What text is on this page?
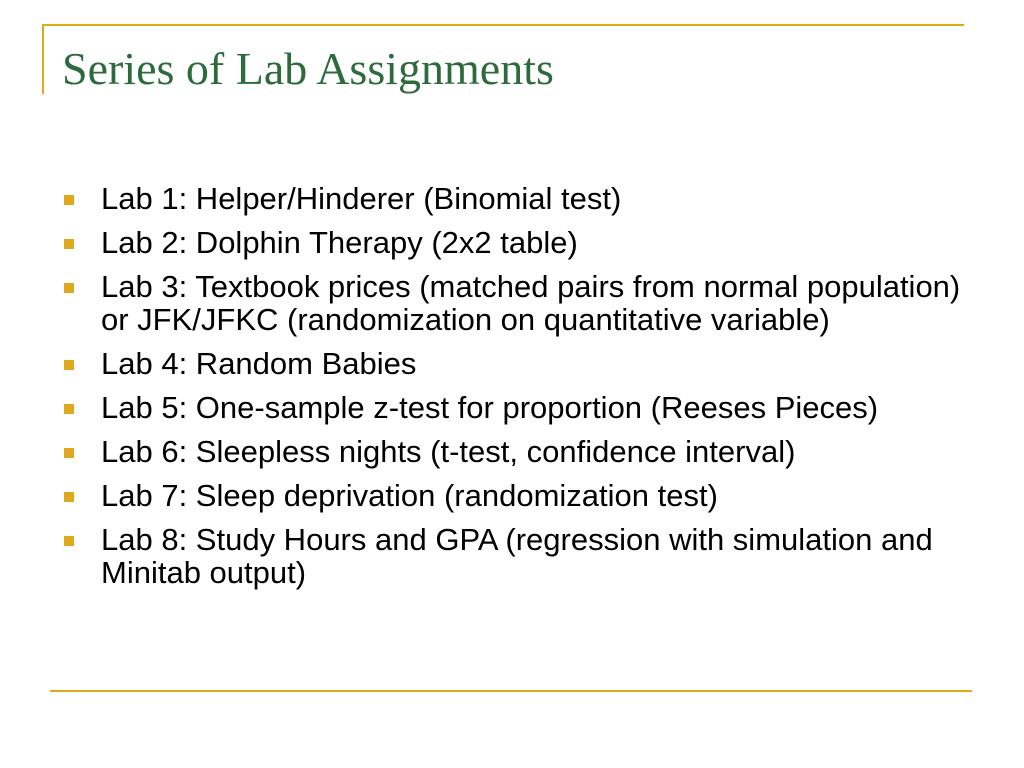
Series of Lab Assignments
Lab 1: Helper/Hinderer (Binomial test)
Lab 2: Dolphin Therapy (2x2 table)
Lab 3: Textbook prices (matched pairs from normal population) or JFK/JFKC (randomization on quantitative variable)
Lab 4: Random Babies
Lab 5: One-sample z-test for proportion (Reeses Pieces)
Lab 6: Sleepless nights (t-test, confidence interval)
Lab 7: Sleep deprivation (randomization test)
Lab 8: Study Hours and GPA (regression with simulation and Minitab output)
